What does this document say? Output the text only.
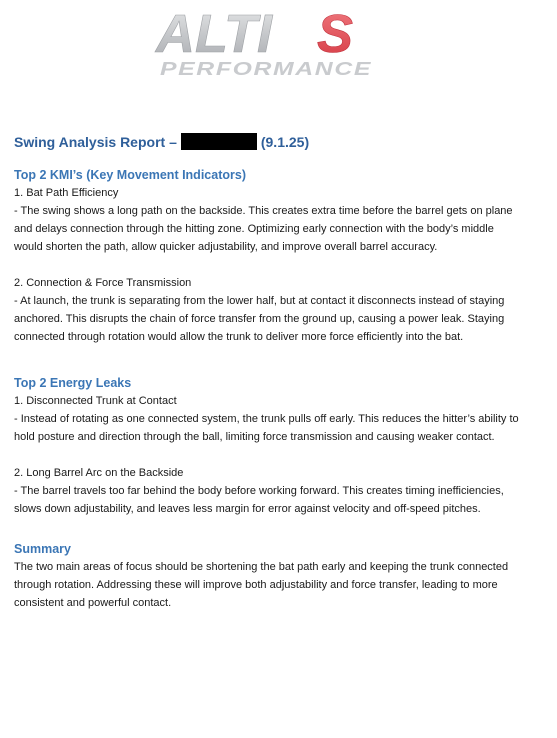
ALTI S
PERFORMANCE
Swing Analysis Report –	(9.1.25)
Top 2 KMI’s (Key Movement Indicators)
1. Bat Path Efficiency
- The swing shows a long path on the backside. This creates extra time before the barrel gets on plane and delays connection through the hitting zone. Optimizing early connection with the body’s middle would shorten the path, allow quicker adjustability, and improve overall barrel accuracy.
2. Connection & Force Transmission
- At launch, the trunk is separating from the lower half, but at contact it disconnects instead of staying anchored. This disrupts the chain of force transfer from the ground up, causing a power leak. Staying connected through rotation would allow the trunk to deliver more force efficiently into the bat.
Top 2 Energy Leaks
1. Disconnected Trunk at Contact
- Instead of rotating as one connected system, the trunk pulls off early. This reduces the hitter’s ability to hold posture and direction through the ball, limiting force transmission and causing weaker contact.
2. Long Barrel Arc on the Backside
- The barrel travels too far behind the body before working forward. This creates timing inefficiencies, slows down adjustability, and leaves less margin for error against velocity and off-speed pitches.
Summary
The two main areas of focus should be shortening the bat path early and keeping the trunk connected through rotation. Addressing these will improve both adjustability and force transfer, leading to more consistent and powerful contact.
